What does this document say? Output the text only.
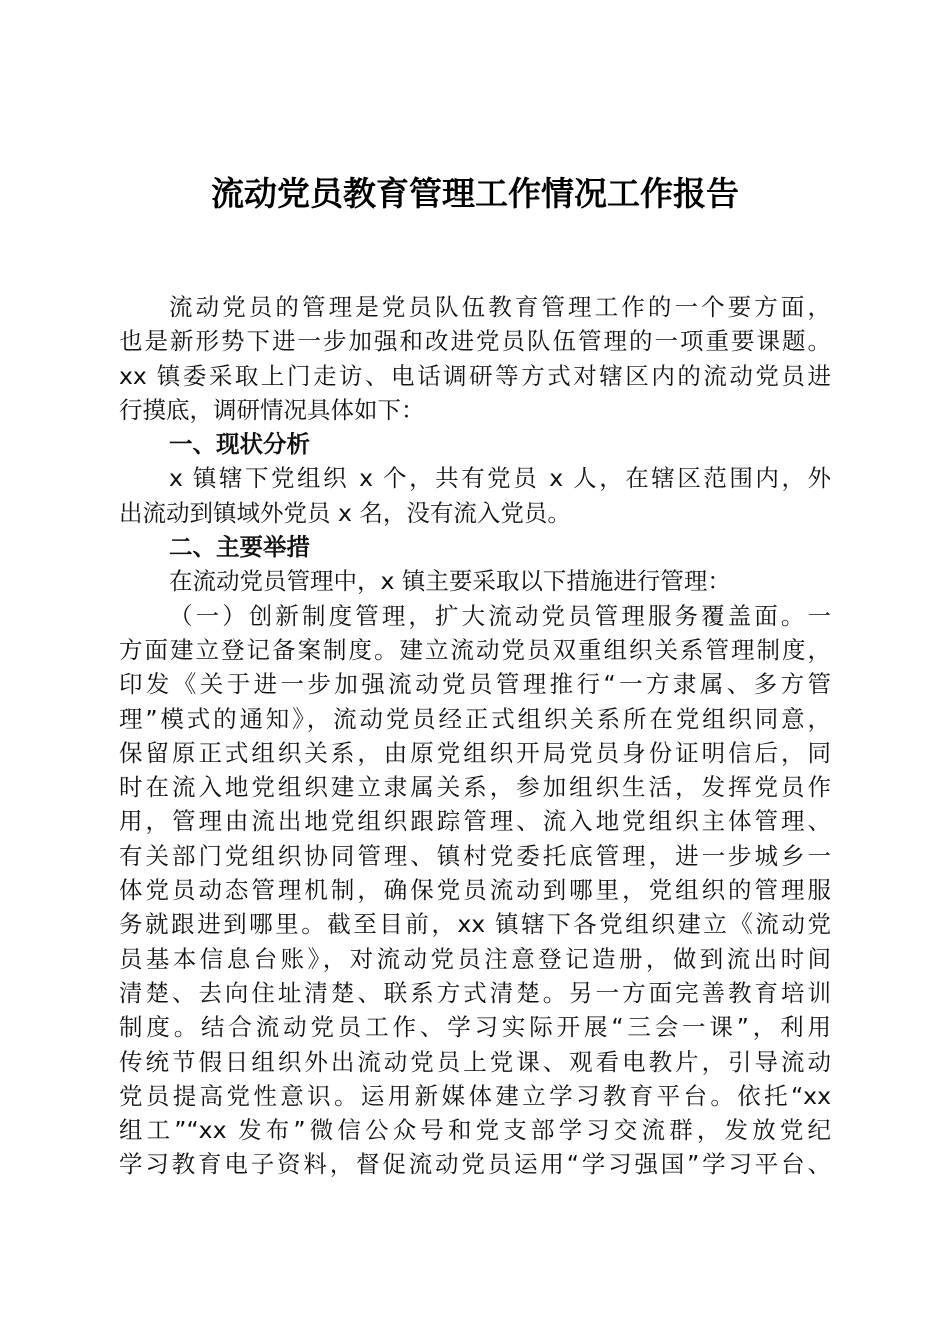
流动党员教育管理工作情况工作报告
流动党员的管理是党员队伍教育管理工作的一个要方面，
也是新形势下进一步加强和改进党员队伍管理的一项重要课题。
xx 镇委采取上门走访、电话调研等方式对辖区内的流动党员进
行摸底，调研情况具体如下：
一、现状分析
x 镇辖下党组织 x 个，共有党员 x 人，在辖区范围内，外
出流动到镇域外党员 x 名，没有流入党员。
二、主要举措
在流动党员管理中，x 镇主要采取以下措施进行管理：
（一）创新制度管理，扩大流动党员管理服务覆盖面。一
方面建立登记备案制度。建立流动党员双重组织关系管理制度，
印发《关于进一步加强流动党员管理推行“一方隶属、多方管
理”模式的通知》，流动党员经正式组织关系所在党组织同意，
保留原正式组织关系，由原党组织开局党员身份证明信后，同
时在流入地党组织建立隶属关系，参加组织生活，发挥党员作
用，管理由流出地党组织跟踪管理、流入地党组织主体管理、
有关部门党组织协同管理、镇村党委托底管理，进一步城乡一
体党员动态管理机制，确保党员流动到哪里，党组织的管理服
务就跟进到哪里。截至目前，xx 镇辖下各党组织建立《流动党
员基本信息台账》，对流动党员注意登记造册，做到流出时间
清楚、去向住址清楚、联系方式清楚。另一方面完善教育培训
制度。结合流动党员工作、学习实际开展“三会一课”，利用
传统节假日组织外出流动党员上党课、观看电教片，引导流动
党员提高党性意识。运用新媒体建立学习教育平台。依托“xx
组工”“xx 发布”微信公众号和党支部学习交流群，发放党纪
学习教育电子资料，督促流动党员运用“学习强国”学习平台、
